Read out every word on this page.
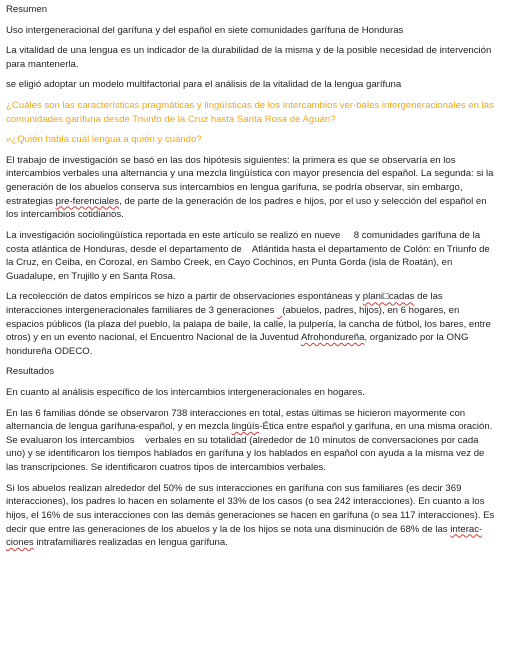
Resumen

Uso intergeneracional del garífuna y del español en siete comunidades garífuna de Honduras

La vitalidad de una lengua es un indicador de la durabilidad de la misma y de la posible necesidad de intervención para mantenerla.

se eligió adoptar un modelo multifactorial para el análisis de la vitalidad de la lengua garífuna

¿Cuáles son las características pragmáticas y lingüísticas de los intercambios ver-bales intergeneracionales en las comunidades garífuna desde Triunfo de la Cruz hasta Santa Rosa de Aguán?

«¿Quién habla cuál lengua a quién y cuándo?

El trabajo de investigación se basó en las dos hipótesis siguientes: la primera es que se observaría en los intercambios verbales una alternancia y una mezcla lingüística con mayor presencia del español. La segunda: si la generación de los abuelos conserva sus intercambios en lengua garífuna, se podría observar, sin embargo, estrategias pre-ferenciales, de parte de la generación de los padres e hijos, por el uso y selección del español en los intercambios cotidianos.

La investigación sociolingüística reportada en este artículo se realizó en nueve     8 comunidades garífuna de la costa atlántica de Honduras, desde el departamento de    Atlántida hasta el departamento de Colón: en Triunfo de la Cruz, en Ceiba, en Corozal, en Sambo Creek, en Cayo Cochinos, en Punta Gorda (isla de Roatán), en Guadalupe, en Trujillo y en Santa Rosa.

La recolección de datos empíricos se hizo a partir de observaciones espontáneas y plani□cadas de las interacciones intergeneracionales familiares de 3 generaciones   (abuelos, padres, hijos), en 6 hogares, en espacios públicos (la plaza del pueblo, la palapa de baile, la calle, la pulpería, la cancha de fútbol, los bares, entre otros) y en un evento nacional, el Encuentro Nacional de la Juventud Afrohondureña, organizado por la ONG hondureña ODECO.

Resultados

En cuanto al análisis específico de los intercambios intergeneracionales en hogares.

En las 6 familias dónde se observaron 738 interacciones en total, estas últimas se hicieron mayormente con alternancia de lengua garífuna-español, y en mezcla lingüís-Ética entre español y garífuna, en una misma oración. Se evaluaron los intercambios    verbales en su totalidad (alrededor de 10 minutos de conversaciones por cada uno) y se identificaron los tiempos hablados en garífuna y los hablados en español con ayuda a la misma vez de las transcripciones. Se identificaron cuatros tipos de intercambios verbales.

Si los abuelos realizan alrededor del 50% de sus interacciones en garífuna con sus familiares (es decir 369 interacciones), los padres lo hacen en solamente el 33% de los casos (o sea 242 interacciones). En cuanto a los hijos, el 16% de sus interacciones con las demás generaciones se hacen en garífuna (o sea 117 interacciones). Es decir que entre las generaciones de los abuelos y la de los hijos se nota una disminución de 68% de las interac-ciones intrafamiliares realizadas en lengua garífuna.
